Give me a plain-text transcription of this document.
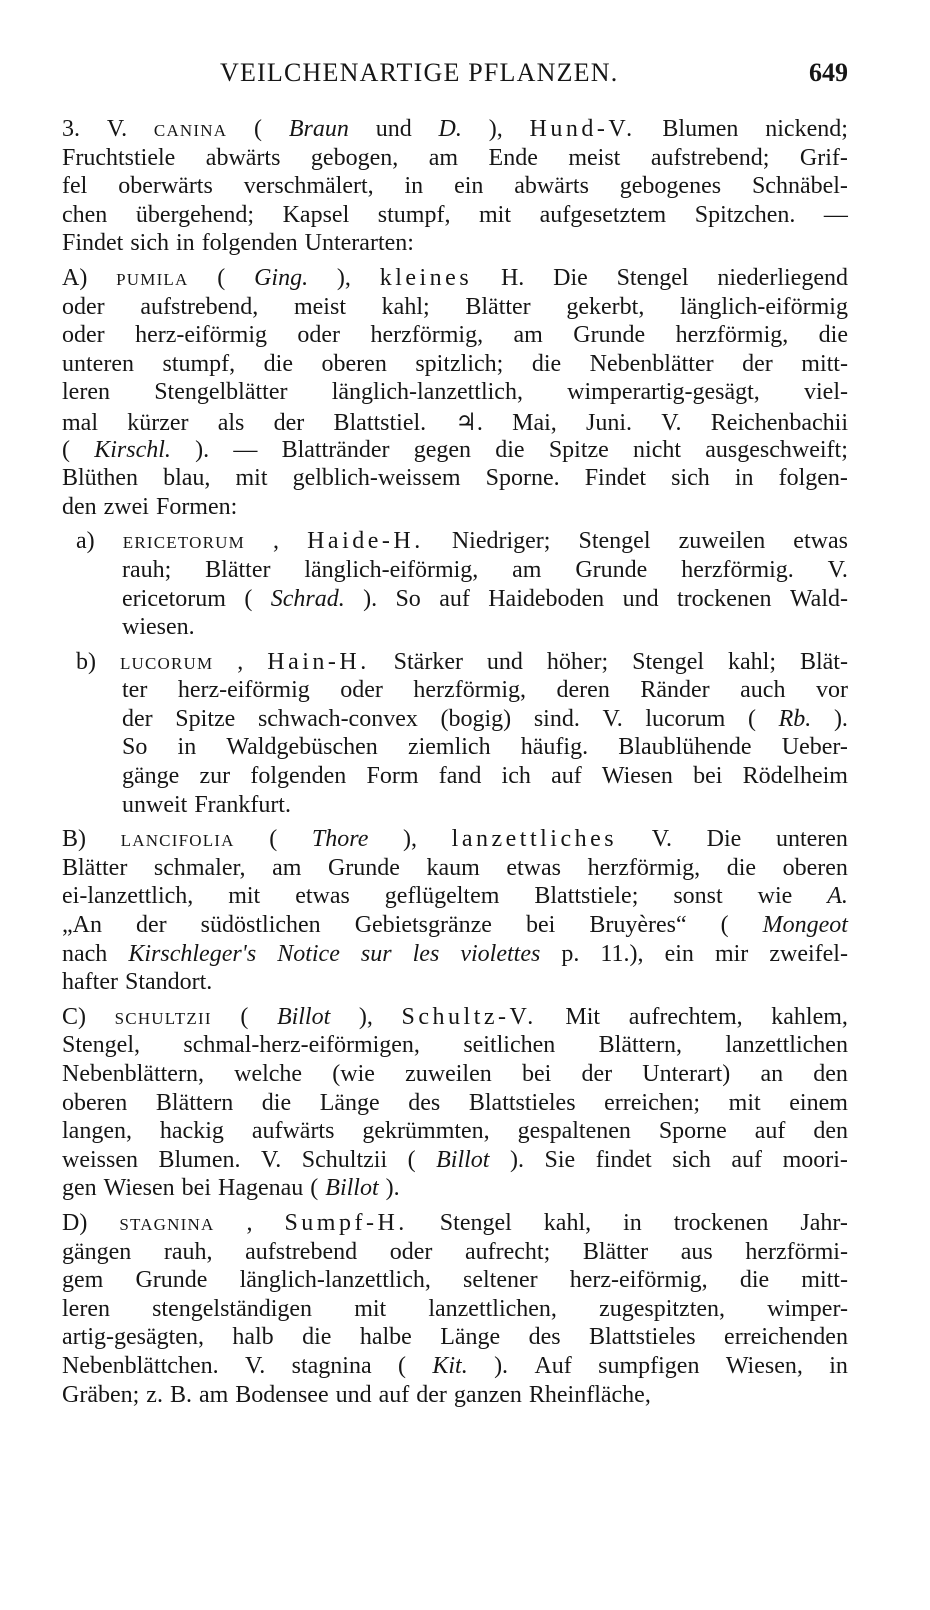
VEILCHENARTIGE PFLANZEN.	649
3. V. CANINA ( Braun und D. ), Hund-V. Blumen nickend;
Fruchtstiele abwärts gebogen, am Ende meist aufstrebend; Grif-
fel oberwärts verschmälert, in ein abwärts gebogenes Schnäbel-
chen übergehend; Kapsel stumpf, mit aufgesetztem Spitzchen. —
Findet sich in folgenden Unterarten:
A) PUMILA ( Ging. ), kleines H. Die Stengel niederliegend
oder aufstrebend, meist kahl; Blätter gekerbt, länglich-eiförmig
oder herz-eiförmig oder herzförmig, am Grunde herzförmig, die
unteren stumpf, die oberen spitzlich; die Nebenblätter der mitt-
leren Stengelblätter länglich-lanzettlich, wimperartig-gesägt, viel-
mal kürzer als der Blattstiel. ♃. Mai, Juni. V. Reichenbachii
( Kirschl. ). — Blattränder gegen die Spitze nicht ausgeschweift;
Blüthen blau, mit gelblich-weissem Sporne. Findet sich in folgen-
den zwei Formen:
a) ERICETORUM , Haide-H. Niedriger; Stengel zuweilen etwas
rauh; Blätter länglich-eiförmig, am Grunde herzförmig. V.
ericetorum ( Schrad. ). So auf Haideboden und trockenen Wald-
wiesen.
b) LUCORUM , Hain-H. Stärker und höher; Stengel kahl; Blät-
ter herz-eiförmig oder herzförmig, deren Ränder auch vor
der Spitze schwach-convex (bogig) sind. V. lucorum ( Rb. ).
So in Waldgebüschen ziemlich häufig. Blaublühende Ueber-
gänge zur folgenden Form fand ich auf Wiesen bei Rödelheim
unweit Frankfurt.
B) LANCIFOLIA ( Thore ), lanzettliches V. Die unteren
Blätter schmaler, am Grunde kaum etwas herzförmig, die oberen
ei-lanzettlich, mit etwas geflügeltem Blattstiele; sonst wie A.
„An der südöstlichen Gebietsgränze bei Bruyères“ ( Mongeot
nach Kirschleger's Notice sur les violettes p. 11.), ein mir zweifel-
hafter Standort.
C) SCHULTZII ( Billot ), Schultz-V. Mit aufrechtem, kahlem,
Stengel, schmal-herz-eiförmigen, seitlichen Blättern, lanzettlichen
Nebenblättern, welche (wie zuweilen bei der Unterart) an den
oberen Blättern die Länge des Blattstieles erreichen; mit einem
langen, hackig aufwärts gekrümmten, gespaltenen Sporne auf den
weissen Blumen. V. Schultzii ( Billot ). Sie findet sich auf moori-
gen Wiesen bei Hagenau ( Billot ).
D) STAGNINA , Sumpf-H. Stengel kahl, in trockenen Jahr-
gängen rauh, aufstrebend oder aufrecht; Blätter aus herzförmi-
gem Grunde länglich-lanzettlich, seltener herz-eiförmig, die mitt-
leren stengelständigen mit lanzettlichen, zugespitzten, wimper-
artig-gesägten, halb die halbe Länge des Blattstieles erreichenden
Nebenblättchen. V. stagnina ( Kit. ). Auf sumpfigen Wiesen, in
Gräben; z. B. am Bodensee und auf der ganzen Rheinfläche,
